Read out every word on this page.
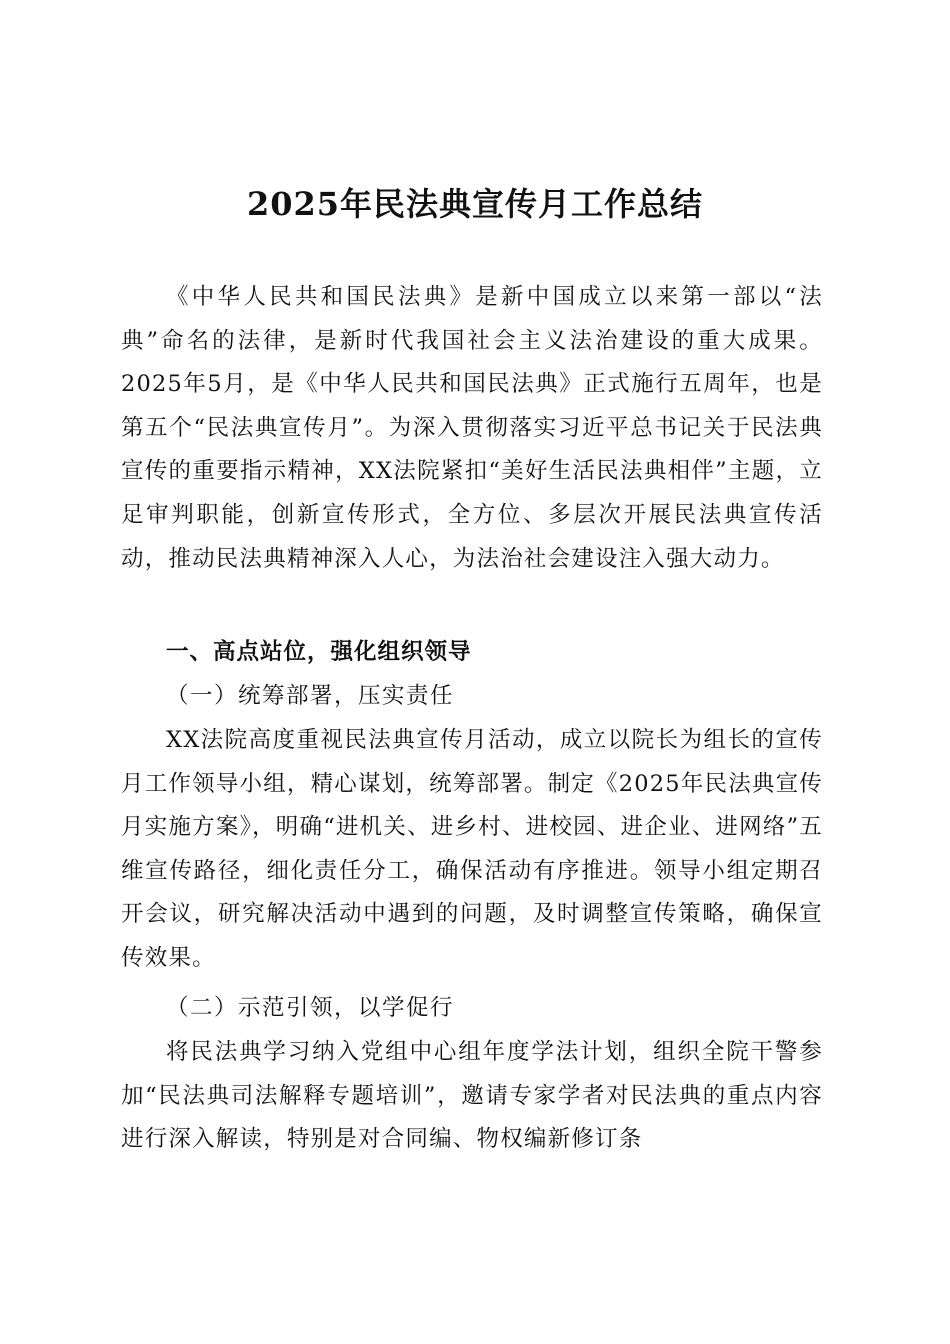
2025年民法典宣传月工作总结

《中华人民共和国民法典》是新中国成立以来第一部以“法典”命名的法律，是新时代我国社会主义法治建设的重大成果。2025年5月，是《中华人民共和国民法典》正式施行五周年，也是第五个“民法典宣传月”。为深入贯彻落实习近平总书记关于民法典宣传的重要指示精神，XX法院紧扣“美好生活民法典相伴”主题，立足审判职能，创新宣传形式，全方位、多层次开展民法典宣传活动，推动民法典精神深入人心，为法治社会建设注入强大动力。

一、高点站位，强化组织领导

（一）统筹部署，压实责任

XX法院高度重视民法典宣传月活动，成立以院长为组长的宣传月工作领导小组，精心谋划，统筹部署。制定《2025年民法典宣传月实施方案》，明确“进机关、进乡村、进校园、进企业、进网络”五维宣传路径，细化责任分工，确保活动有序推进。领导小组定期召开会议，研究解决活动中遇到的问题，及时调整宣传策略，确保宣传效果。

（二）示范引领，以学促行

将民法典学习纳入党组中心组年度学法计划，组织全院干警参加“民法典司法解释专题培训”，邀请专家学者对民法典的重点内容进行深入解读，特别是对合同编、物权编新修订条
